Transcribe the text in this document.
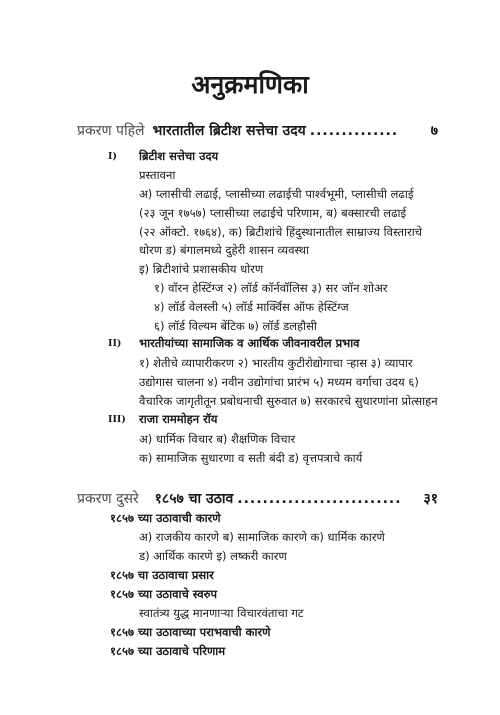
अनुक्रमणिका
प्रकरण पहिले भारतातील ब्रिटीश सत्तेचा उदय ..............	७
I) ब्रिटीश सत्तेचा उदय
प्रस्तावना
अ) प्लासीची लढाई, प्लासीच्या लढाईची पार्श्वभूमी, प्लासीची लढाई
(२३ जून १७५७) प्लासीच्या लढाईचे परिणाम, ब) बक्सारची लढाई
(२२ ऑक्टो. १७६४), क) ब्रिटीशांचे हिंदुस्थानातील साम्राज्य विस्ताराचे
धोरण ड) बंगालमध्ये दुहेरी शासन व्यवस्था
इ) ब्रिटीशांचे प्रशासकीय धोरण
१) वॉरन हेस्टिंग्ज २) लॉर्ड कॉर्नवॉलिस ३) सर जॉन शोअर
४) लॉर्ड वेलस्ली ५) लॉर्ड मार्क्विस ऑफ हेस्टिंग्ज
६) लॉर्ड विल्यम बेंटिक ७) लॉर्ड डलहौसी
II) भारतीयांच्या सामाजिक व आर्थिक जीवनावरील प्रभाव
१) शेतीचे व्यापारीकरण २) भारतीय कुटीरोद्योगाचा ऱ्हास ३) व्यापार
उद्योगास चालना ४) नवीन उद्योगांचा प्रारंभ ५) मध्यम वर्गाचा उदय ६)
वैचारिक जागृतीतून प्रबोधनाची सुरुवात ७) सरकारचे सुधारणांना प्रोत्साहन
III) राजा राममोहन रॉय
अ) धार्मिक विचार ब) शैक्षणिक विचार
क) सामाजिक सुधारणा व सती बंदी ड) वृत्तपत्राचे कार्य
प्रकरण दुसरे १८५७ चा उठाव ..........................	३१
१८५७ च्या उठावाची कारणे
अ) राजकीय कारणे ब) सामाजिक कारणे क) धार्मिक कारणे
ड) आर्थिक कारणे इ) लष्करी कारण
१८५७ चा उठावाचा प्रसार
१८५७ च्या उठावाचे स्वरुप
स्वातंत्र्य युद्ध मानणाऱ्या विचारवंताचा गट
१८५७ च्या उठावाच्या पराभवाची कारणे
१८५७ च्या उठावाचे परिणाम
